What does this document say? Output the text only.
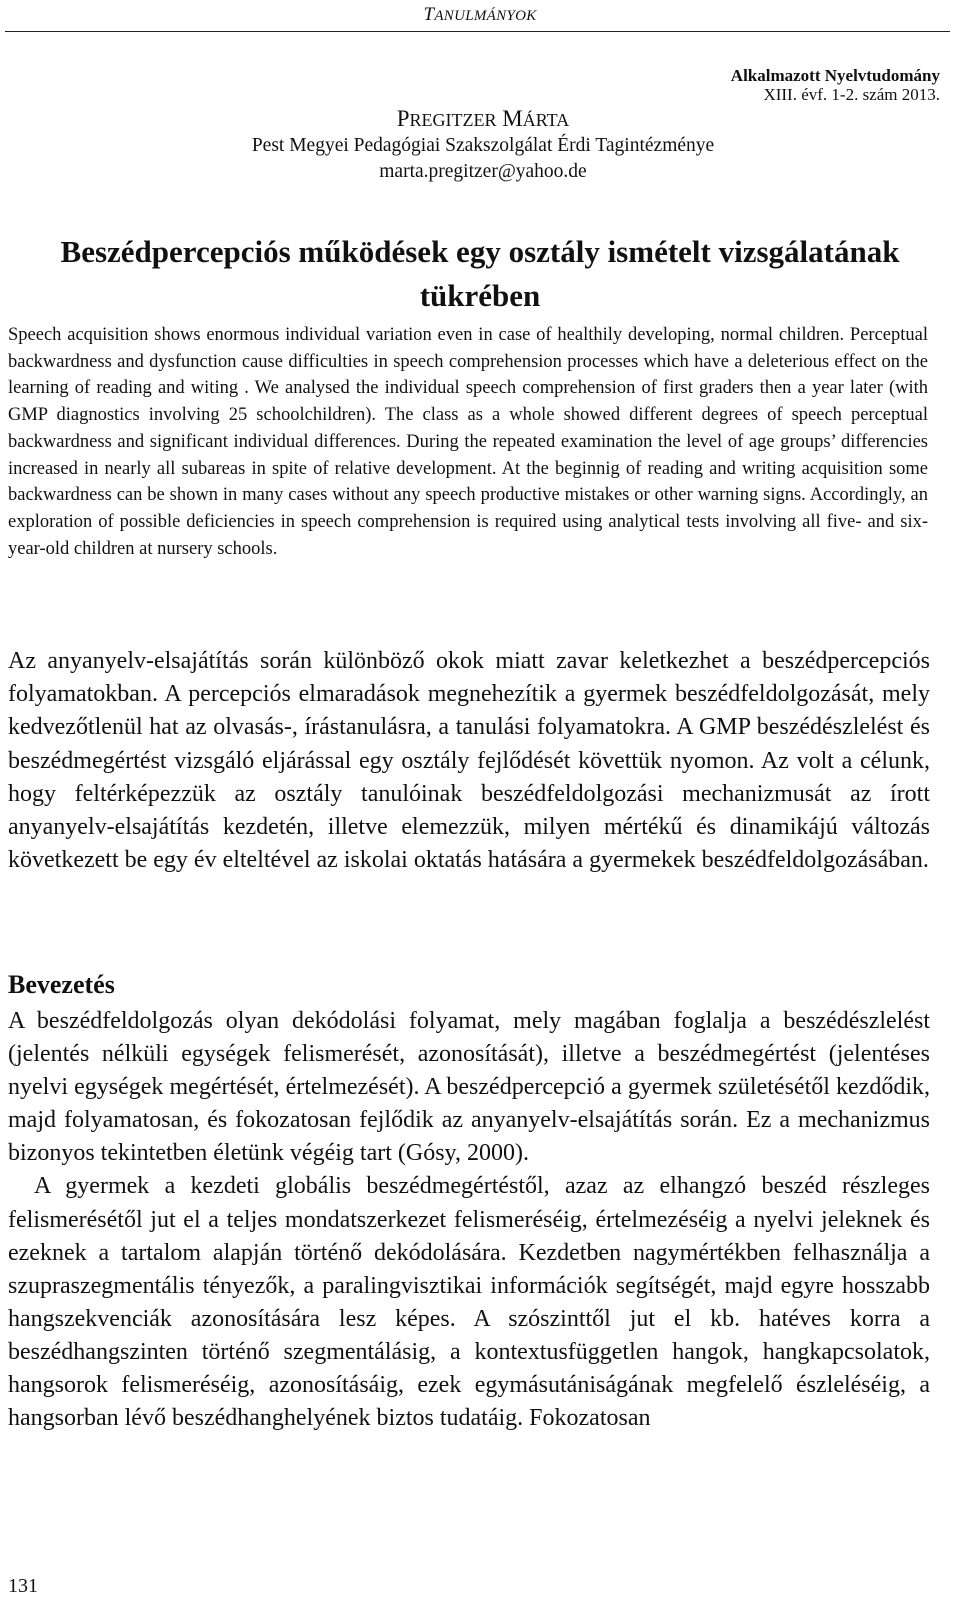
TANULMÁNYOK
Alkalmazott Nyelvtudomány
XIII. évf. 1-2. szám 2013.
PREGITZER MÁRTA
Pest Megyei Pedagógiai Szakszolgálat Érdi Tagintézménye
marta.pregitzer@yahoo.de
Beszédpercepciós működések egy osztály ismételt vizsgálatának tükrében
Speech acquisition shows enormous individual variation even in case of healthily developing, normal children. Perceptual backwardness and dysfunction cause difficulties in speech comprehension processes which have a deleterious effect on the learning of reading and witing . We analysed the individual speech comprehension of first graders then a year later (with GMP diagnostics involving 25 schoolchildren). The class as a whole showed different degrees of speech perceptual backwardness and significant individual differences. During the repeated examination the level of age groups’ differencies increased in nearly all subareas in spite of relative development. At the beginnig of reading and writing acquisition some backwardness can be shown in many cases without any speech productive mistakes or other warning signs. Accordingly, an exploration of possible deficiencies in speech comprehension is required using analytical tests involving all five- and six-year-old children at nursery schools.
Az anyanyelv-elsajátítás során különböző okok miatt zavar keletkezhet a beszédpercepciós folyamatokban. A percepciós elmaradások megnehezítik a gyermek beszédfeldolgozását, mely kedvezőtlenül hat az olvasás-, írástanulásra, a tanulási folyamatokra. A GMP beszédészlelést és beszédmegértést vizsgáló eljárással egy osztály fejlődését követtük nyomon. Az volt a célunk, hogy feltérképezzük az osztály tanulóinak beszédfeldolgozási mechanizmusát az írott anyanyelv-elsajátítás kezdetén, illetve elemezzük, milyen mértékű és dinamikájú változás következett be egy év elteltével az iskolai oktatás hatására a gyermekek beszédfeldolgozásában.
Bevezetés

A beszédfeldolgozás olyan dekódolási folyamat, mely magában foglalja a beszédészlelést (jelentés nélküli egységek felismerését, azonosítását), illetve a beszédmegértést (jelentéses nyelvi egységek megértését, értelmezését). A beszédpercepció a gyermek születésétől kezdődik, majd folyamatosan, és fokozatosan fejlődik az anyanyelv-elsajátítás során. Ez a mechanizmus bizonyos tekintetben életünk végéig tart (Gósy, 2000).

A gyermek a kezdeti globális beszédmegértéstől, azaz az elhangzó beszéd részleges felismerésétől jut el a teljes mondatszerkezet felismeréséig, értelmezéséig a nyelvi jeleknek és ezeknek a tartalom alapján történő dekódolására. Kezdetben nagymértékben felhasználja a szupraszegmentális tényezők, a paralingvisztikai információk segítségét, majd egyre hosszabb hangszekvenciák azonosítására lesz képes. A szószinttől jut el kb. hatéves korra a beszédhangszinten történő szegmentálásig, a kontextusfüggetlen hangok, hangkapcsolatok, hangsorok felismeréséig, azonosításáig, ezek egymásutániságának megfelelő észleléséig, a hangsorban lévő beszédhanghelyének biztos tudatáig. Fokozatosan

131
